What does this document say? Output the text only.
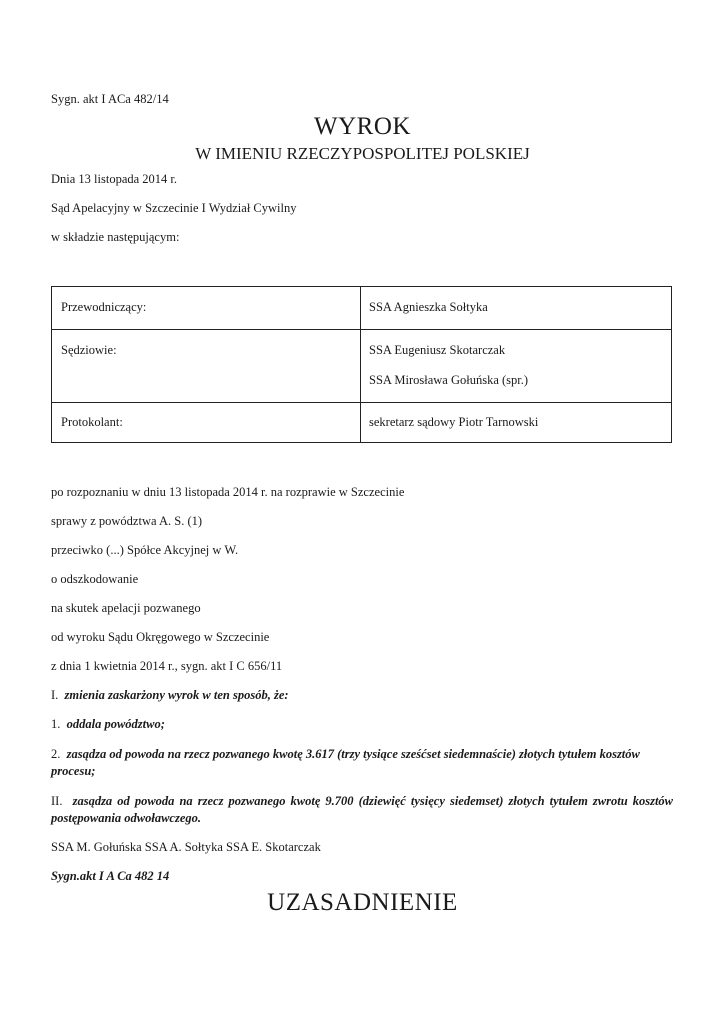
Sygn. akt I ACa 482/14
WYROK
W IMIENIU RZECZYPOSPOLITEJ POLSKIEJ
Dnia 13 listopada 2014 r.
Sąd Apelacyjny w Szczecinie I Wydział Cywilny
w składzie następującym:
Przewodniczący:	SSA Agnieszka Sołtyka
Sędziowie:	SSA Eugeniusz Skotarczak
SSA Mirosława Gołuńska (spr.)
Protokolant:	sekretarz sądowy Piotr Tarnowski
po rozpoznaniu w dniu 13 listopada 2014 r. na rozprawie w Szczecinie
sprawy z powództwa A. S. (1)
przeciwko (...) Spółce Akcyjnej w W.
o odszkodowanie
na skutek apelacji pozwanego
od wyroku Sądu Okręgowego w Szczecinie
z dnia 1 kwietnia 2014 r., sygn. akt I C 656/11
I. zmienia zaskarżony wyrok w ten sposób, że:
1. oddala powództwo;
2. zasądza od powoda na rzecz pozwanego kwotę 3.617 (trzy tysiące sześćset siedemnaście) złotych tytułem kosztów procesu;
II. zasądza od powoda na rzecz pozwanego kwotę 9.700 (dziewięć tysięcy siedemset) złotych tytułem zwrotu kosztów postępowania odwoławczego.
SSA M. Gołuńska SSA A. Sołtyka SSA E. Skotarczak
Sygn.akt I A Ca 482 14
UZASADNIENIE
